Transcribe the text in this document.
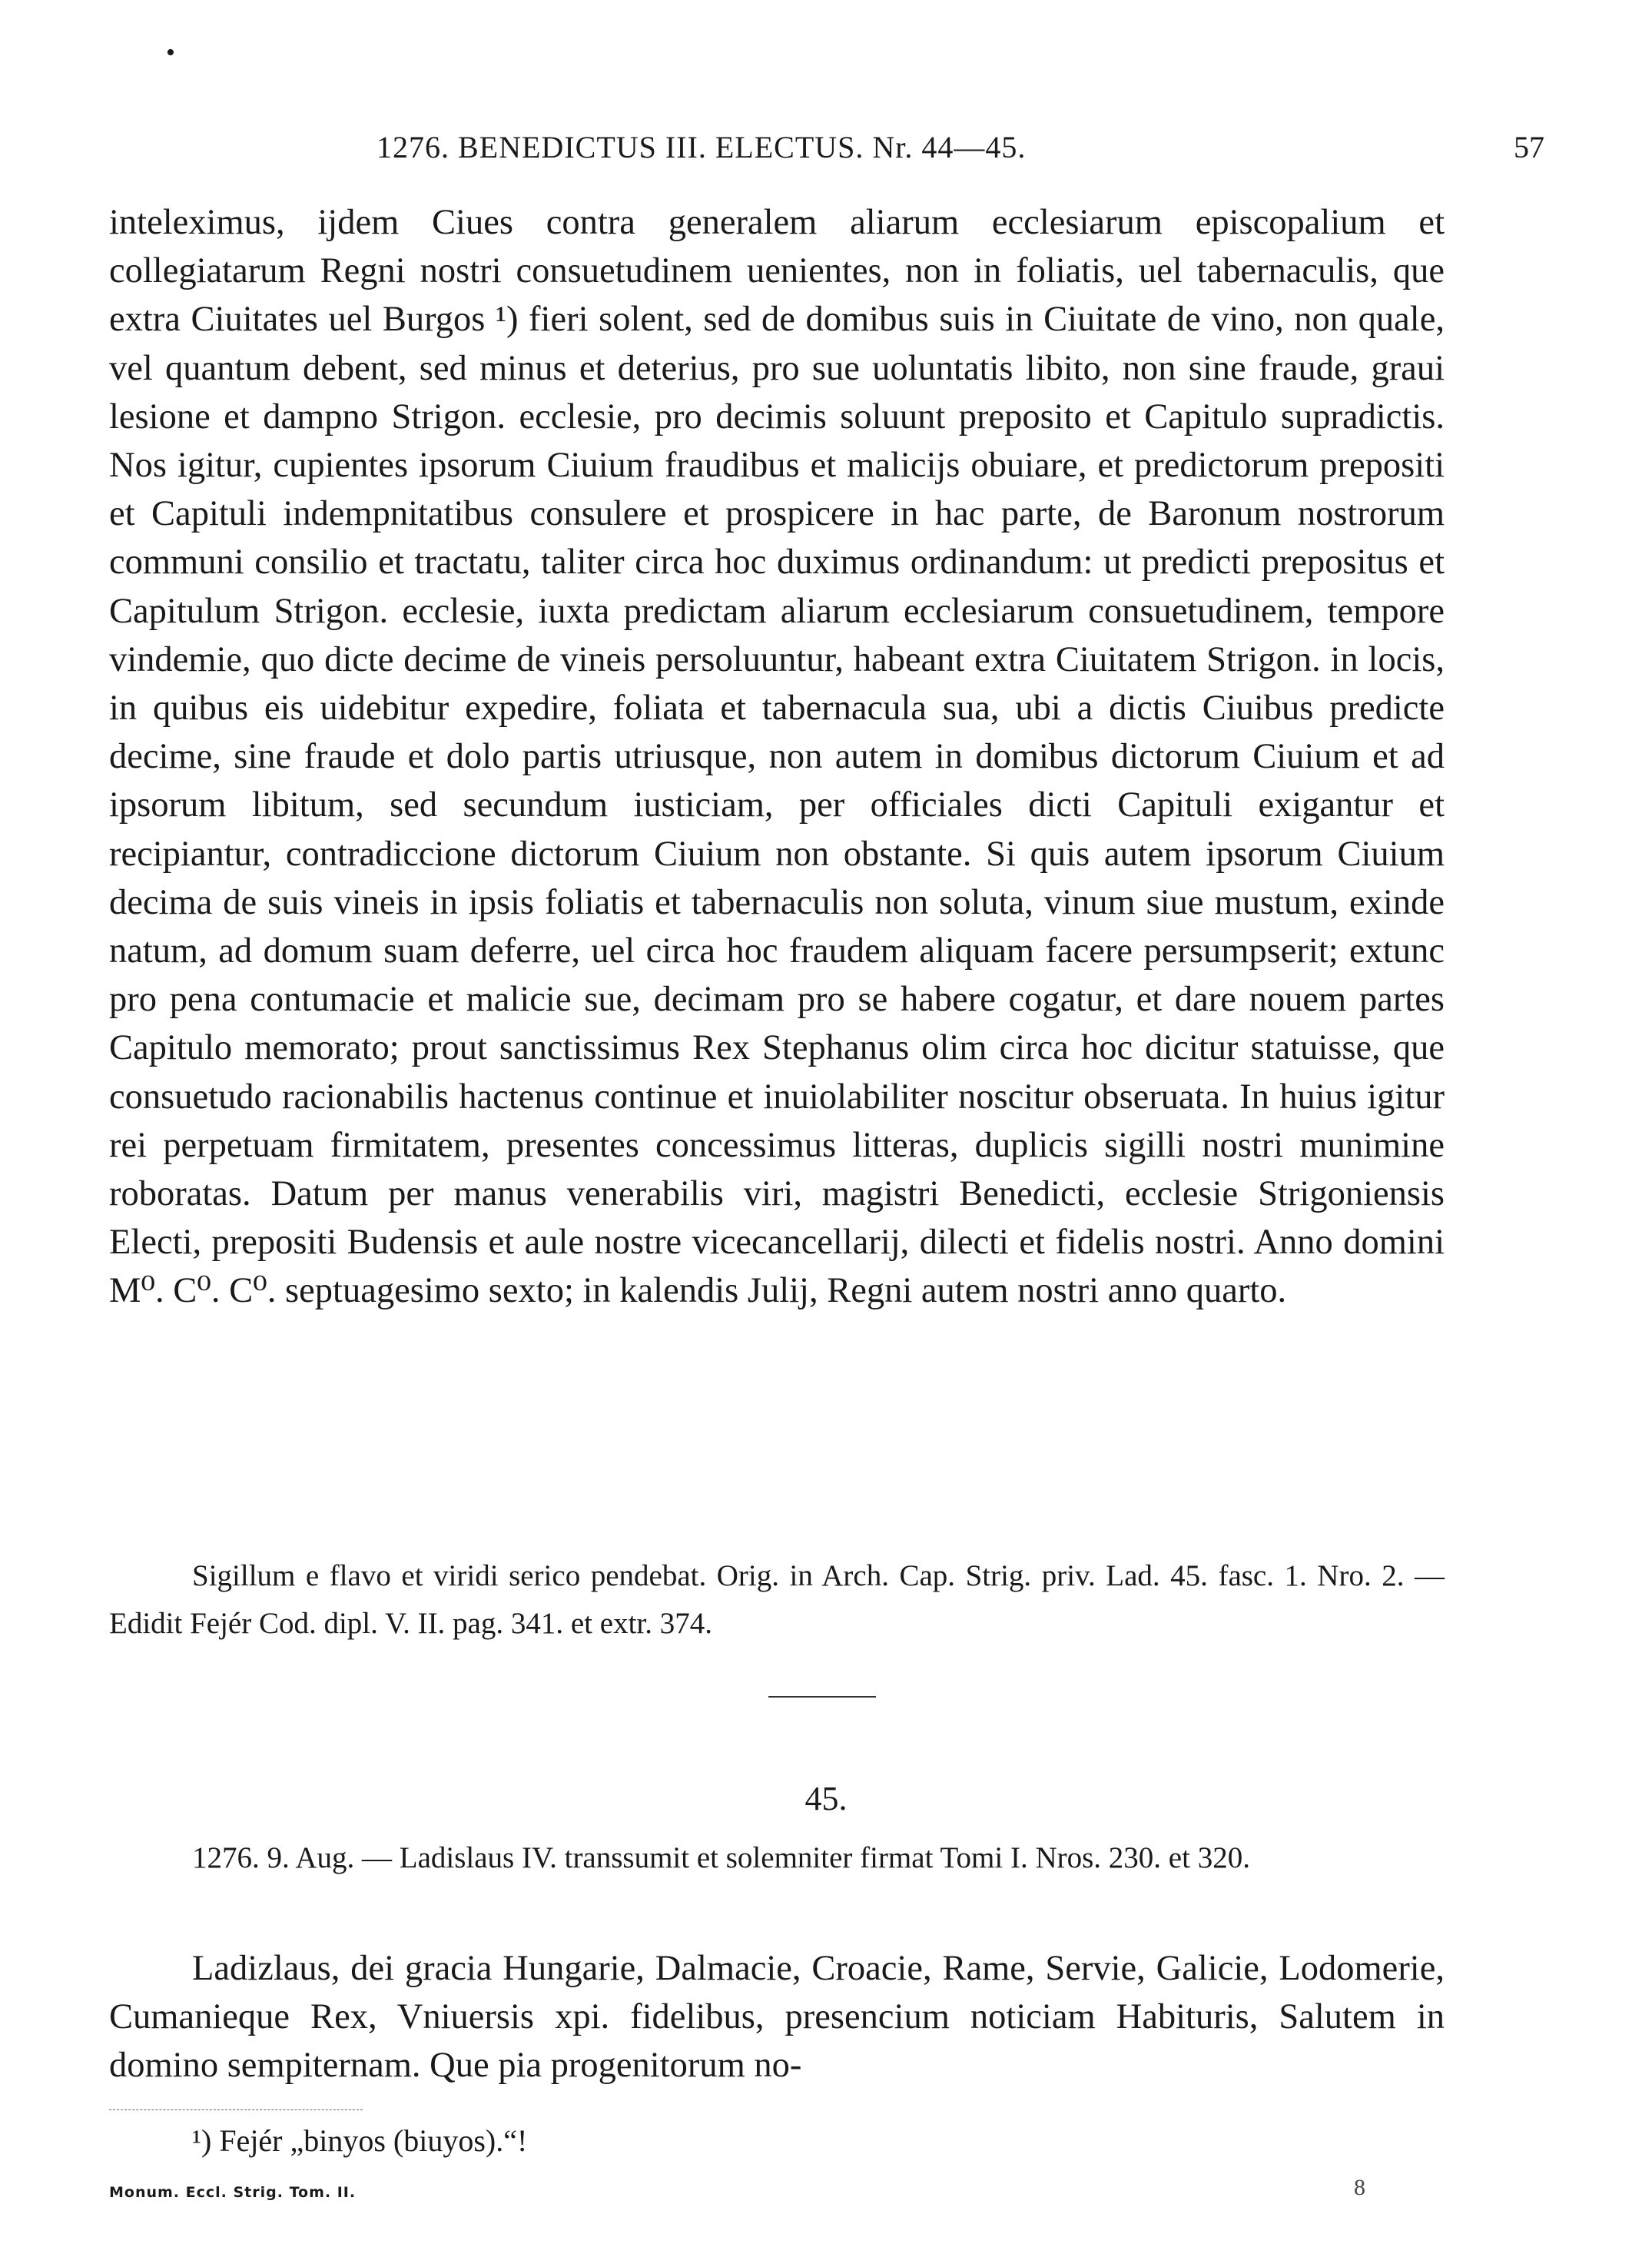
•
1276. BENEDICTUS III. ELECTUS. Nr. 44—45.	57

inteleximus, ijdem Ciues contra generalem aliarum ecclesiarum episcopalium et collegiatarum Regni nostri consuetudinem uenientes, non in foliatis, uel tabernaculis, que extra Ciuitates uel Burgos ¹) fieri solent, sed de domibus suis in Ciuitate de vino, non quale, vel quantum debent, sed minus et deterius, pro sue uoluntatis libito, non sine fraude, graui lesione et dampno Strigon. ecclesie, pro decimis soluunt preposito et Capitulo supradictis. Nos igitur, cupientes ipsorum Ciuium fraudibus et malicijs obuiare, et predictorum prepositi et Capituli indempnitatibus consulere et prospicere in hac parte, de Baronum nostrorum communi consilio et tractatu, taliter circa hoc duximus ordinandum: ut predicti prepositus et Capitulum Strigon. ecclesie, iuxta predictam aliarum ecclesiarum consuetudinem, tempore vindemie, quo dicte decime de vineis persoluuntur, habeant extra Ciuitatem Strigon. in locis, in quibus eis uidebitur expedire, foliata et tabernacula sua, ubi a dictis Ciuibus predicte decime, sine fraude et dolo partis utriusque, non autem in domibus dictorum Ciuium et ad ipsorum libitum, sed secundum iusticiam, per officiales dicti Capituli exigantur et recipiantur, contradiccione dictorum Ciuium non obstante. Si quis autem ipsorum Ciuium decima de suis vineis in ipsis foliatis et tabernaculis non soluta, vinum siue mustum, exinde natum, ad domum suam deferre, uel circa hoc fraudem aliquam facere persumpserit; extunc pro pena contumacie et malicie sue, decimam pro se habere cogatur, et dare nouem partes Capitulo memorato; prout sanctissimus Rex Stephanus olim circa hoc dicitur statuisse, que consuetudo racionabilis hactenus continue et inuiolabiliter noscitur obseruata. In huius igitur rei perpetuam firmitatem, presentes concessimus litteras, duplicis sigilli nostri munimine roboratas. Datum per manus venerabilis viri, magistri Benedicti, ecclesie Strigoniensis Electi, prepositi Budensis et aule nostre vicecancellarij, dilecti et fidelis nostri. Anno domini M⁰. C⁰. C⁰. septuagesimo sexto; in kalendis Julij, Regni autem nostri anno quarto.

Sigillum e flavo et viridi serico pendebat. Orig. in Arch. Cap. Strig. priv. Lad. 45. fasc. 1. Nro. 2. — Edidit Fejér Cod. dipl. V. II. pag. 341. et extr. 374.

45.

1276. 9. Aug. — Ladislaus IV. transsumit et solemniter firmat Tomi I. Nros. 230. et 320.

Ladizlaus, dei gracia Hungarie, Dalmacie, Croacie, Rame, Servie, Galicie, Lodomerie, Cumanieque Rex, Vniuersis xpi. fidelibus, presencium noticiam Habituris, Salutem in domino sempiternam. Que pia progenitorum no-

¹) Fejér „binyos (biuyos).“!
Monum. Eccl. Strig. Tom. II.	8
